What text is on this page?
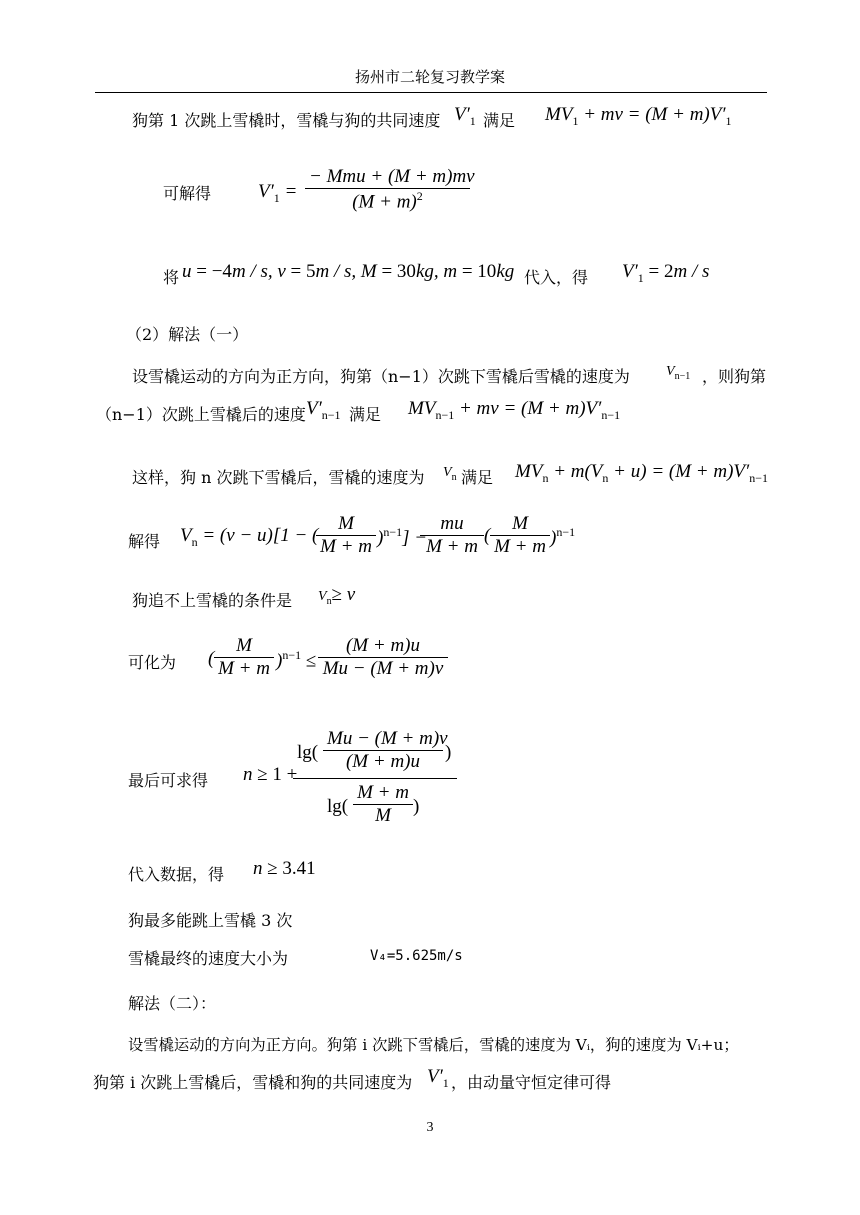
扬州市二轮复习教学案
狗第 1 次跳上雪橇时，雪橇与狗的共同速度 $V'_1$ 满足 $MV_1$ + mv = $(M + m)V'_1$
可解得 $V'_1$ =
− Mmu + (M + m)mv
$(M + m)^2$
将 u = −4m / s, v = 5m / s, M = 30kg, m = 10kg 代入，得 $V'_1 = 2m / s$
（2）解法（一）
设雪橇运动的方向为正方向，狗第（n−1）次跳下雪橇后雪橇的速度为	$V_{n-1}$ ，则狗第
（n−1）次跳上雪橇后的速度 $V'_{n-1}$ 满足 $MV_{n-1}$ + mv = $(M + m)V'_{n-1}$
这样，狗 n 次跳下雪橇后，雪橇的速度为 $V_n$ 满足 $MV_n + m(V_n + u) = (M + m)V'_{n-1}$
解得 $V_n = (v - u)[1$ − (
M
M + m )$^{n-1}$] −
mu
M + m
(
M
M + m )$^{n-1}$
狗追不上雪橇的条件是 $V_n\ge v$
可化为 (
M
M + m )$^{n-1}$ ≤
(M + m)u
Mu − (M + m)v
最后可求得 n ≥ 1 +
lg(
Mu − (M + m)v
(M + m)u	)
lg(
M + m
M	)
代入数据，得 n ≥ 3.41
狗最多能跳上雪橇 3 次
雪橇最终的速度大小为	V₄=5.625m/s
解法（二）：
设雪橇运动的方向为正方向。狗第 i 次跳下雪橇后，雪橇的速度为 Vᵢ，狗的速度为 Vᵢ+u；
狗第 i 次跳上雪橇后，雪橇和狗的共同速度为 $V'_1$ ，由动量守恒定律可得
3
